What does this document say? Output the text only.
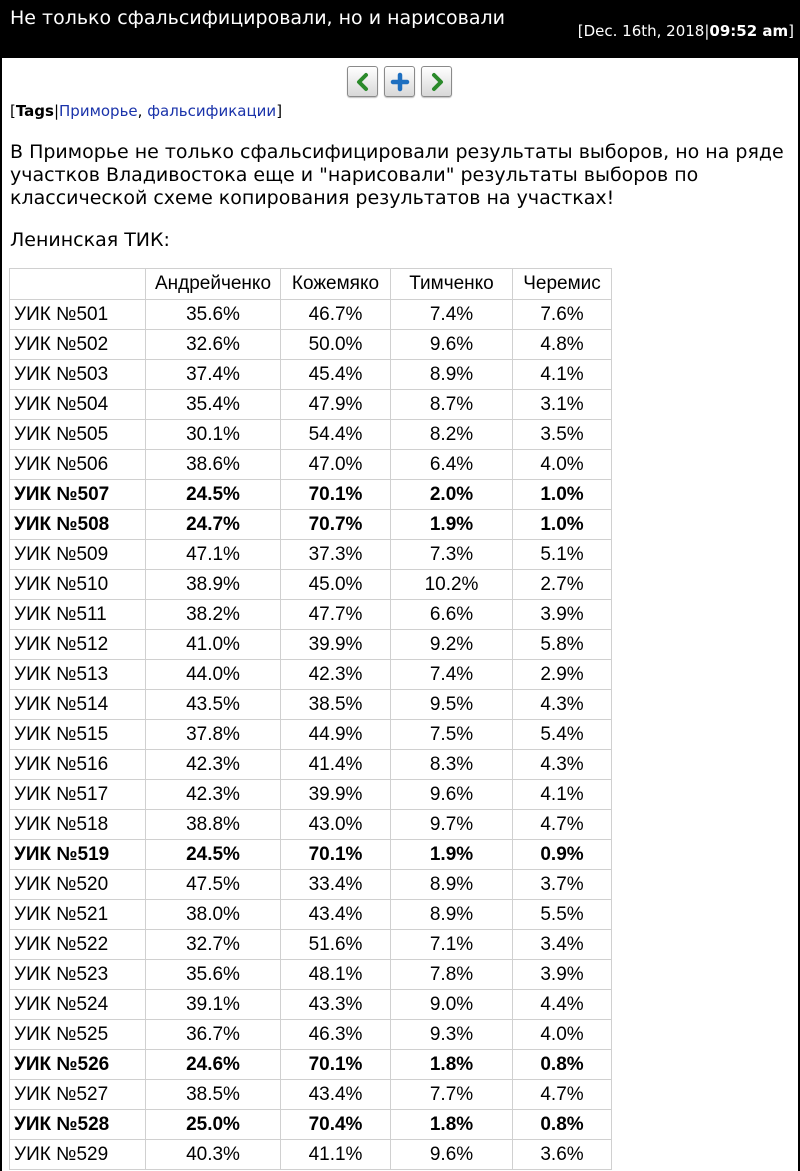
Не только сфальсифицировали, но и нарисовали
[Dec. 16th, 2018|09:52 am]
[Tags|Приморье, фальсификации]
В Приморье не только сфальсифицировали результаты выборов, но на ряде участков Владивостока еще и "нарисовали" результаты выборов по классической схеме копирования результатов на участках!
Ленинская ТИК:
	Андрейченко	Кожемяко	Тимченко	Черемис
УИК №501	35.6%	46.7%	7.4%	7.6%
УИК №502	32.6%	50.0%	9.6%	4.8%
УИК №503	37.4%	45.4%	8.9%	4.1%
УИК №504	35.4%	47.9%	8.7%	3.1%
УИК №505	30.1%	54.4%	8.2%	3.5%
УИК №506	38.6%	47.0%	6.4%	4.0%
УИК №507	24.5%	70.1%	2.0%	1.0%
УИК №508	24.7%	70.7%	1.9%	1.0%
УИК №509	47.1%	37.3%	7.3%	5.1%
УИК №510	38.9%	45.0%	10.2%	2.7%
УИК №511	38.2%	47.7%	6.6%	3.9%
УИК №512	41.0%	39.9%	9.2%	5.8%
УИК №513	44.0%	42.3%	7.4%	2.9%
УИК №514	43.5%	38.5%	9.5%	4.3%
УИК №515	37.8%	44.9%	7.5%	5.4%
УИК №516	42.3%	41.4%	8.3%	4.3%
УИК №517	42.3%	39.9%	9.6%	4.1%
УИК №518	38.8%	43.0%	9.7%	4.7%
УИК №519	24.5%	70.1%	1.9%	0.9%
УИК №520	47.5%	33.4%	8.9%	3.7%
УИК №521	38.0%	43.4%	8.9%	5.5%
УИК №522	32.7%	51.6%	7.1%	3.4%
УИК №523	35.6%	48.1%	7.8%	3.9%
УИК №524	39.1%	43.3%	9.0%	4.4%
УИК №525	36.7%	46.3%	9.3%	4.0%
УИК №526	24.6%	70.1%	1.8%	0.8%
УИК №527	38.5%	43.4%	7.7%	4.7%
УИК №528	25.0%	70.4%	1.8%	0.8%
УИК №529	40.3%	41.1%	9.6%	3.6%
